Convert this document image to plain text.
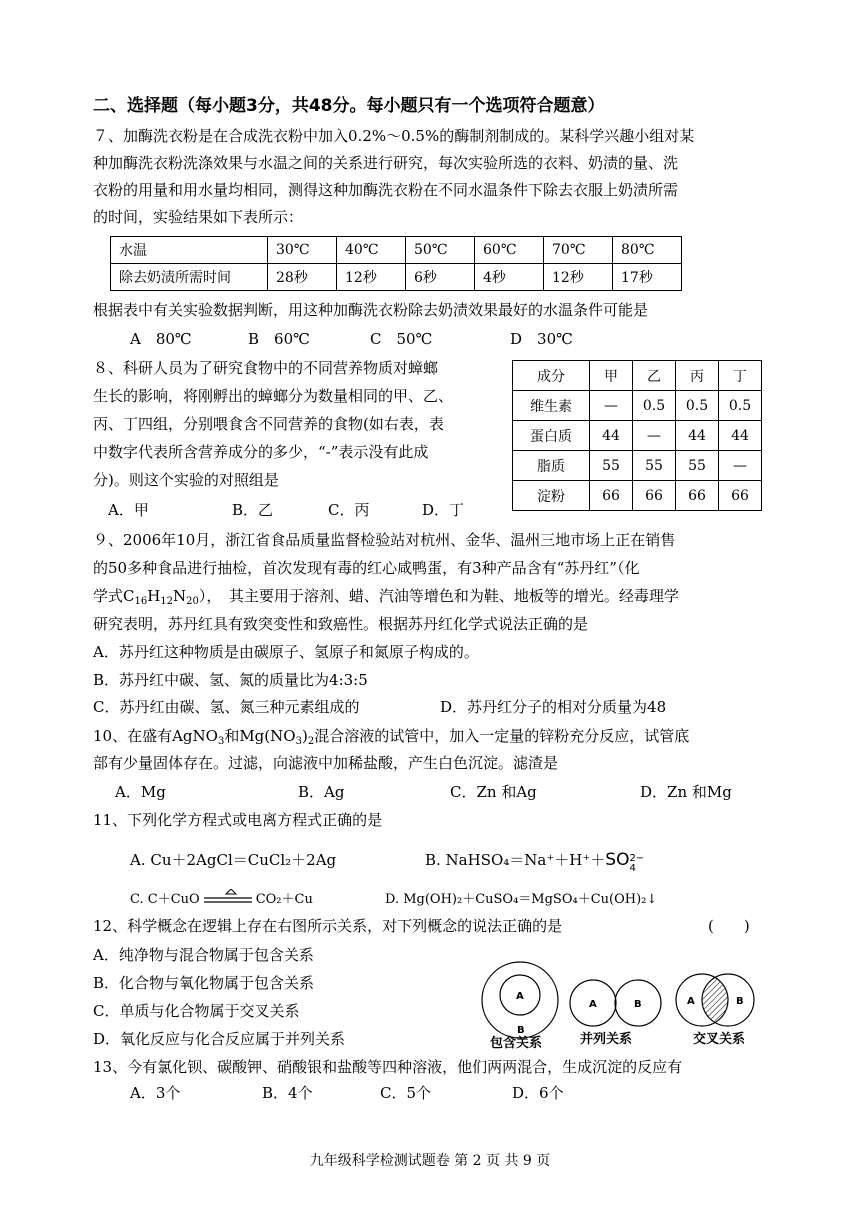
二、选择题（每小题3分，共48分。每小题只有一个选项符合题意）
７、加酶洗衣粉是在合成洗衣粉中加入0.2%～0.5%的酶制剂制成的。某科学兴趣小组对某
种加酶洗衣粉洗涤效果与水温之间的关系进行研究，每次实验所选的衣料、奶渍的量、洗
衣粉的用量和用水量均相同，测得这种加酶洗衣粉在不同水温条件下除去衣服上奶渍所需
的时间，实验结果如下表所示：
水温	30℃	40℃	50℃	60℃	70℃	80℃
除去奶渍所需时间	28秒	12秒	6秒	4秒	12秒	17秒
根据表中有关实验数据判断，用这种加酶洗衣粉除去奶渍效果最好的水温条件可能是
A　80℃	B　60℃	C　50℃	D　30℃
８、科研人员为了研究食物中的不同营养物质对蟑螂
生长的影响，将刚孵出的蟑螂分为数量相同的甲、乙、
丙、丁四组，分别喂食含不同营养的食物(如右表，表
中数字代表所含营养成分的多少，“-”表示没有此成
分)。则这个实验的对照组是
A．甲	B．乙	C．丙	D．丁
成分	甲	乙	丙	丁
维生素	—	0.5	0.5	0.5
蛋白质	44	—	44	44
脂质	55	55	55	—
淀粉	66	66	66	66
９、2006年10月，浙江省食品质量监督检验站对杭州、金华、温州三地市场上正在销售
的50多种食品进行抽检，首次发现有毒的红心咸鸭蛋，有3种产品含有“苏丹红”（化
学式$C_{16}H_{12}N_{20}$），　其主要用于溶剂、蜡、汽油等增色和为鞋、地板等的增光。经毒理学
研究表明，苏丹红具有致突变性和致癌性。根据苏丹红化学式说法正确的是
A．苏丹红这种物质是由碳原子、氢原子和氮原子构成的。
B．苏丹红中碳、氢、氮的质量比为4:3:5
C．苏丹红由碳、氢、氮三种元素组成的	D．苏丹红分子的相对分质量为48
10、在盛有AgNO$_3$和$Mg(NO_3)_2$混合溶液的试管中，加入一定量的锌粉充分反应，试管底
部有少量固体存在。过滤，向滤液中加稀盐酸，产生白色沉淀。滤渣是
A．Mg	B．Ag	C．Zn 和Ag	D．Zn 和Mg
11、下列化学方程式或电离方程式正确的是
A. Cu＋2AgCl＝CuCl₂＋2Ag	B. NaHSO₄＝Na⁺＋H⁺＋SO 2−
4
C. C＋CuO	CO₂＋Cu	D. Mg(OH)₂＋CuSO₄＝MgSO₄＋Cu(OH)₂↓
12、科学概念在逻辑上存在右图所示关系，对下列概念的说法正确的是	(　　)
A．纯净物与混合物属于包含关系
B．化合物与氧化物属于包含关系
C．单质与化合物属于交叉关系
D．氧化反应与化合反应属于并列关系
A
B
包含关系
A	B
并列关系
A	B
交叉关系
13、今有氯化钡、碳酸钾、硝酸银和盐酸等四种溶液，他们两两混合，生成沉淀的反应有
A．3个	B．4个	C．5个	D．6个
九年级科学检测试题卷 第 2 页 共 9 页
